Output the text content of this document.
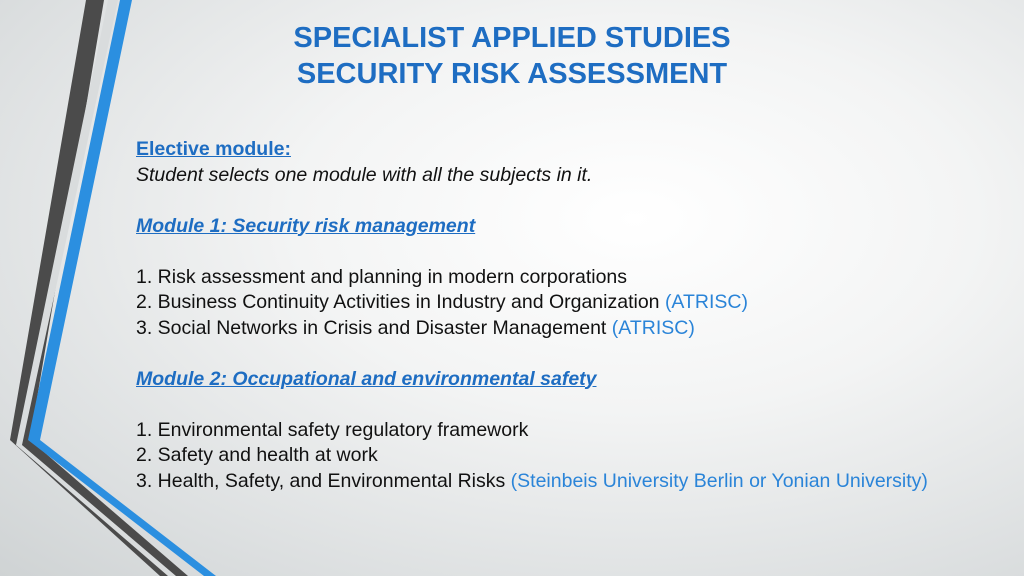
SPECIALIST APPLIED STUDIES
SECURITY RISK ASSESSMENT
Elective module:
Student selects one module with all the subjects in it.
Module 1: Security risk management
1. Risk assessment and planning in modern corporations
2. Business Continuity Activities in Industry and Organization (ATRISC)
3. Social Networks in Crisis and Disaster Management (ATRISC)
Module 2: Occupational and environmental safety
1. Environmental safety regulatory framework
2. Safety and health at work
3. Health, Safety, and Environmental Risks (Steinbeis University Berlin or Yonian University)
